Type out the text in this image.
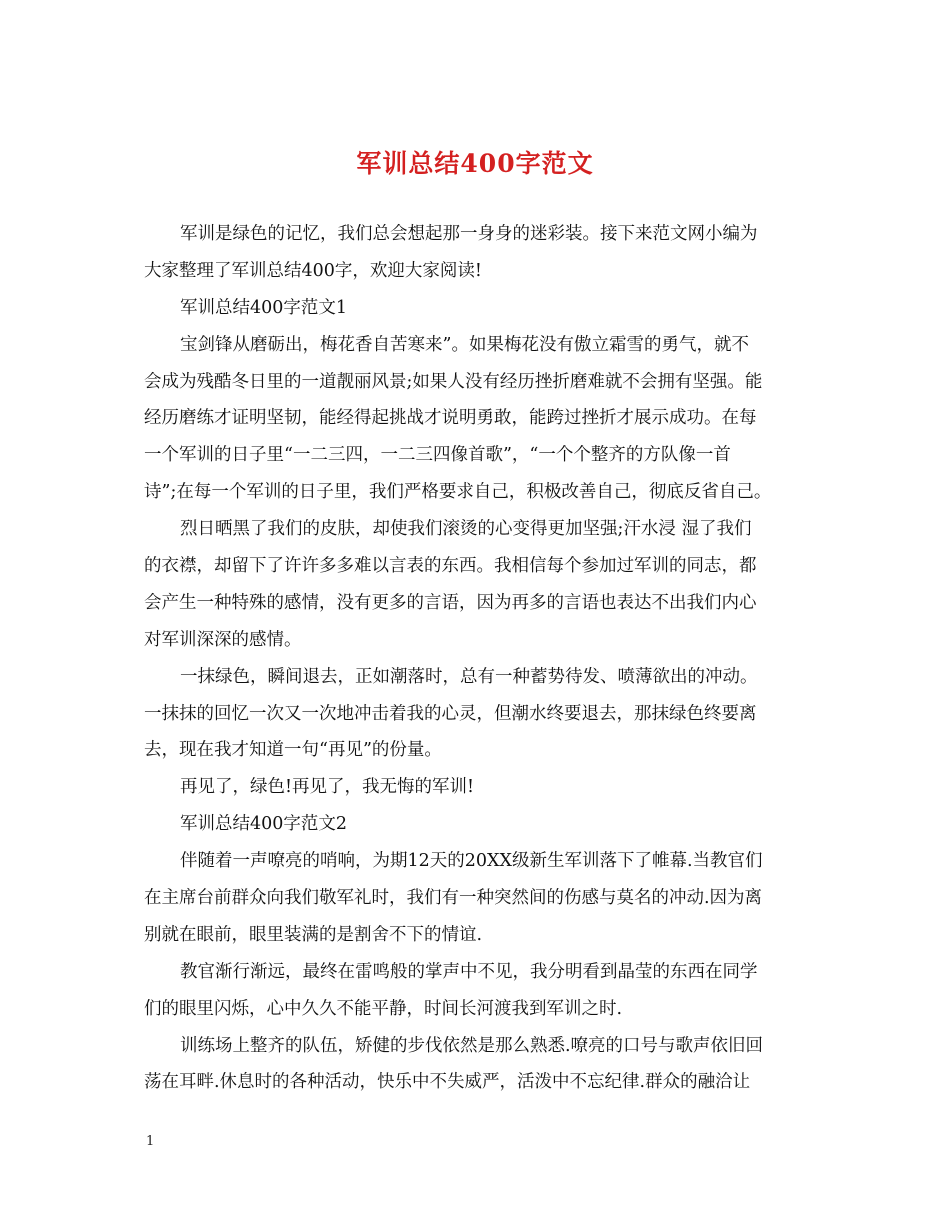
军训总结400字范文
军训是绿色的记忆，我们总会想起那一身身的迷彩装。接下来范文网小编为
大家整理了军训总结400字，欢迎大家阅读!
军训总结400字范文1
宝剑锋从磨砺出，梅花香自苦寒来”。如果梅花没有傲立霜雪的勇气，就不
会成为残酷冬日里的一道靓丽风景;如果人没有经历挫折磨难就不会拥有坚强。能
经历磨练才证明坚韧，能经得起挑战才说明勇敢，能跨过挫折才展示成功。在每
一个军训的日子里“一二三四，一二三四像首歌”，“一个个整齐的方队像一首
诗”;在每一个军训的日子里，我们严格要求自己，积极改善自己，彻底反省自己。
烈日晒黑了我们的皮肤，却使我们滚烫的心变得更加坚强;汗水浸 湿了我们
的衣襟，却留下了许许多多难以言表的东西。我相信每个参加过军训的同志，都
会产生一种特殊的感情，没有更多的言语，因为再多的言语也表达不出我们内心
对军训深深的感情。
一抹绿色，瞬间退去，正如潮落时，总有一种蓄势待发、喷薄欲出的冲动。
一抹抹的回忆一次又一次地冲击着我的心灵，但潮水终要退去，那抹绿色终要离
去，现在我才知道一句“再见”的份量。
再见了，绿色!再见了，我无悔的军训!
军训总结400字范文2
伴随着一声嘹亮的哨响，为期12天的20XX级新生军训落下了帷幕.当教官们
在主席台前群众向我们敬军礼时，我们有一种突然间的伤感与莫名的冲动.因为离
别就在眼前，眼里装满的是割舍不下的情谊.
教官渐行渐远，最终在雷鸣般的掌声中不见，我分明看到晶莹的东西在同学
们的眼里闪烁，心中久久不能平静，时间长河渡我到军训之时.
训练场上整齐的队伍，矫健的步伐依然是那么熟悉.嘹亮的口号与歌声依旧回
荡在耳畔.休息时的各种活动，快乐中不失威严，活泼中不忘纪律.群众的融洽让
1
